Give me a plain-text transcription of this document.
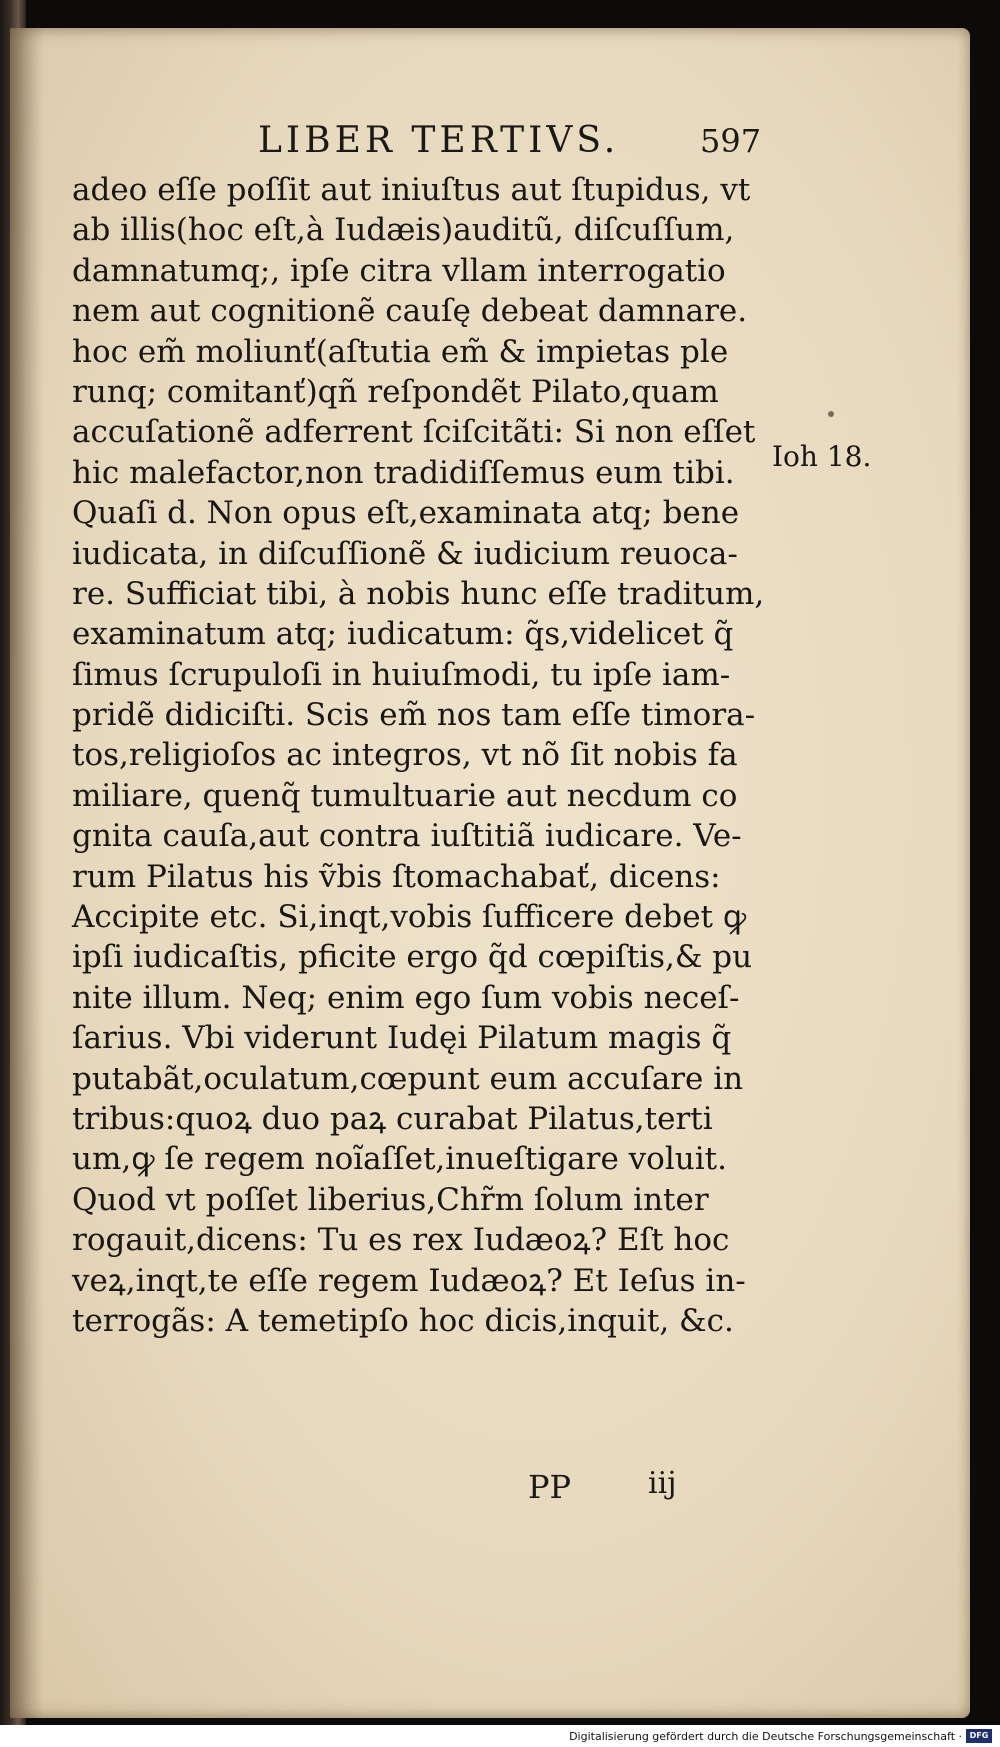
LIBER TERTIVS.	597
adeo eſſe poſſit aut iniuſtus aut ſtupidus, vt
ab illis(hoc eſt,à Iudæis)auditũ, diſcuſſum,
damnatumq;, ipſe citra vllam interrogatio
nem aut cognitionẽ cauſę debeat damnare.
hoc em̃ moliunť(aſtutia em̃ & impietas ple
runq; comitanť)qñ reſpondẽt Pilato,quam
accuſationẽ adferrent ſciſcitãti: Si non eſſet
hic malefactor,non tradidiſſemus eum tibi.
Quaſi d. Non opus eſt,examinata atq; bene
iudicata, in diſcuſſionẽ & iudicium reuoca-
re. Sufficiat tibi, à nobis hunc eſſe traditum,
examinatum atq; iudicatum: q̃s,videlicet q̃
ſimus ſcrupuloſi in huiuſmodi, tu ipſe iam-
pridẽ didiciſti. Scis em̃ nos tam eſſe timora-
tos,religioſos ac integros, vt nõ ſit nobis fa
miliare, quenq̃ tumultuarie aut necdum co
gnita cauſa,aut contra iuſtitiã iudicare. Ve-
rum Pilatus his ṽbis ſtomachabať, dicens:
Accipite etc. Si,inqt,vobis ſufficere debet ꝙ
ipſi iudicaſtis, pficite ergo q̃d cœpiſtis,& pu
nite illum. Neq; enim ego ſum vobis neceſ-
ſarius. Vbi viderunt Iudęi Pilatum magis q̃
putabãt,oculatum,cœpunt eum accuſare in
tribus:quoꝝ duo paꝝ curabat Pilatus,terti
um,ꝙ ſe regem noı̃aſſet,inueſtigare voluit.
Quod vt poſſet liberius,Chr̃m ſolum inter
rogauit,dicens: Tu es rex Iudæoꝝ? Eſt hoc
veꝝ,inqt,te eſſe regem Iudæoꝝ? Et Ieſus in-
terrogãs: A temetipſo hoc dicis,inquit, &c.
Ioh 18.
PP	iij
Digitalisierung gefördert durch die Deutsche Forschungsgemeinschaft · DFG
